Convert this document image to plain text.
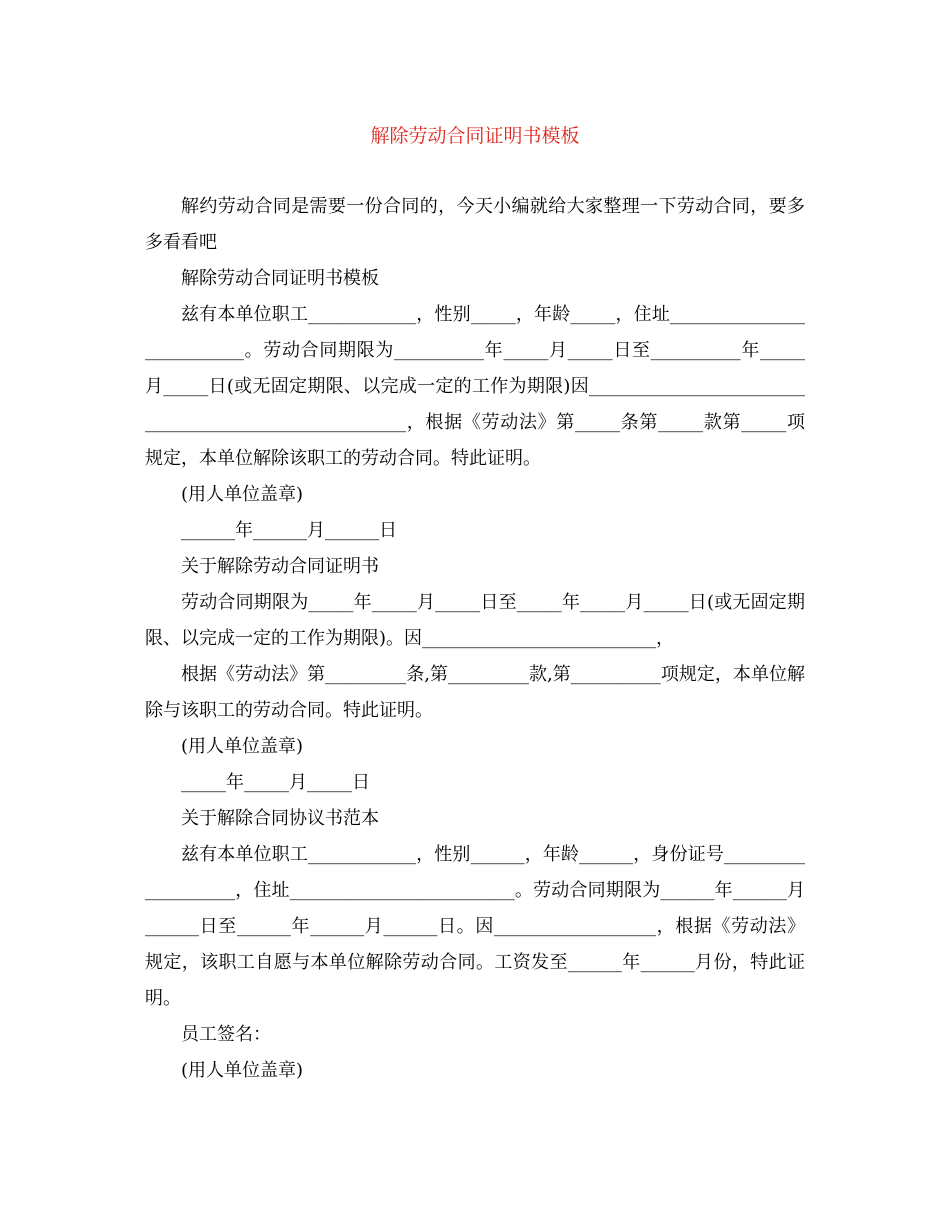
解除劳动合同证明书模板

解约劳动合同是需要一份合同的，今天小编就给大家整理一下劳动合同，要多多看看吧

解除劳动合同证明书模板

兹有本单位职工____________，性别_____，年龄_____，住址__________________________。劳动合同期限为__________年_____月_____日至__________年_____月_____日(或无固定期限、以完成一定的工作为期限)因_____________________________________________________，根据《劳动法》第_____条第_____款第_____项规定，本单位解除该职工的劳动合同。特此证明。

(用人单位盖章)

______年______月______日

关于解除劳动合同证明书

劳动合同期限为_____年_____月_____日至_____年_____月_____日(或无固定期限、以完成一定的工作为期限)。因__________________________，

根据《劳动法》第_________条,第_________款,第__________项规定，本单位解除与该职工的劳动合同。特此证明。

(用人单位盖章)

_____年_____月_____日

关于解除合同协议书范本

兹有本单位职工____________，性别______，年龄______，身份证号___________________，住址_________________________。劳动合同期限为______年______月______日至______年______月______日。因__________________，根据《劳动法》规定，该职工自愿与本单位解除劳动合同。工资发至______年______月份，特此证明。

员工签名：

(用人单位盖章)
